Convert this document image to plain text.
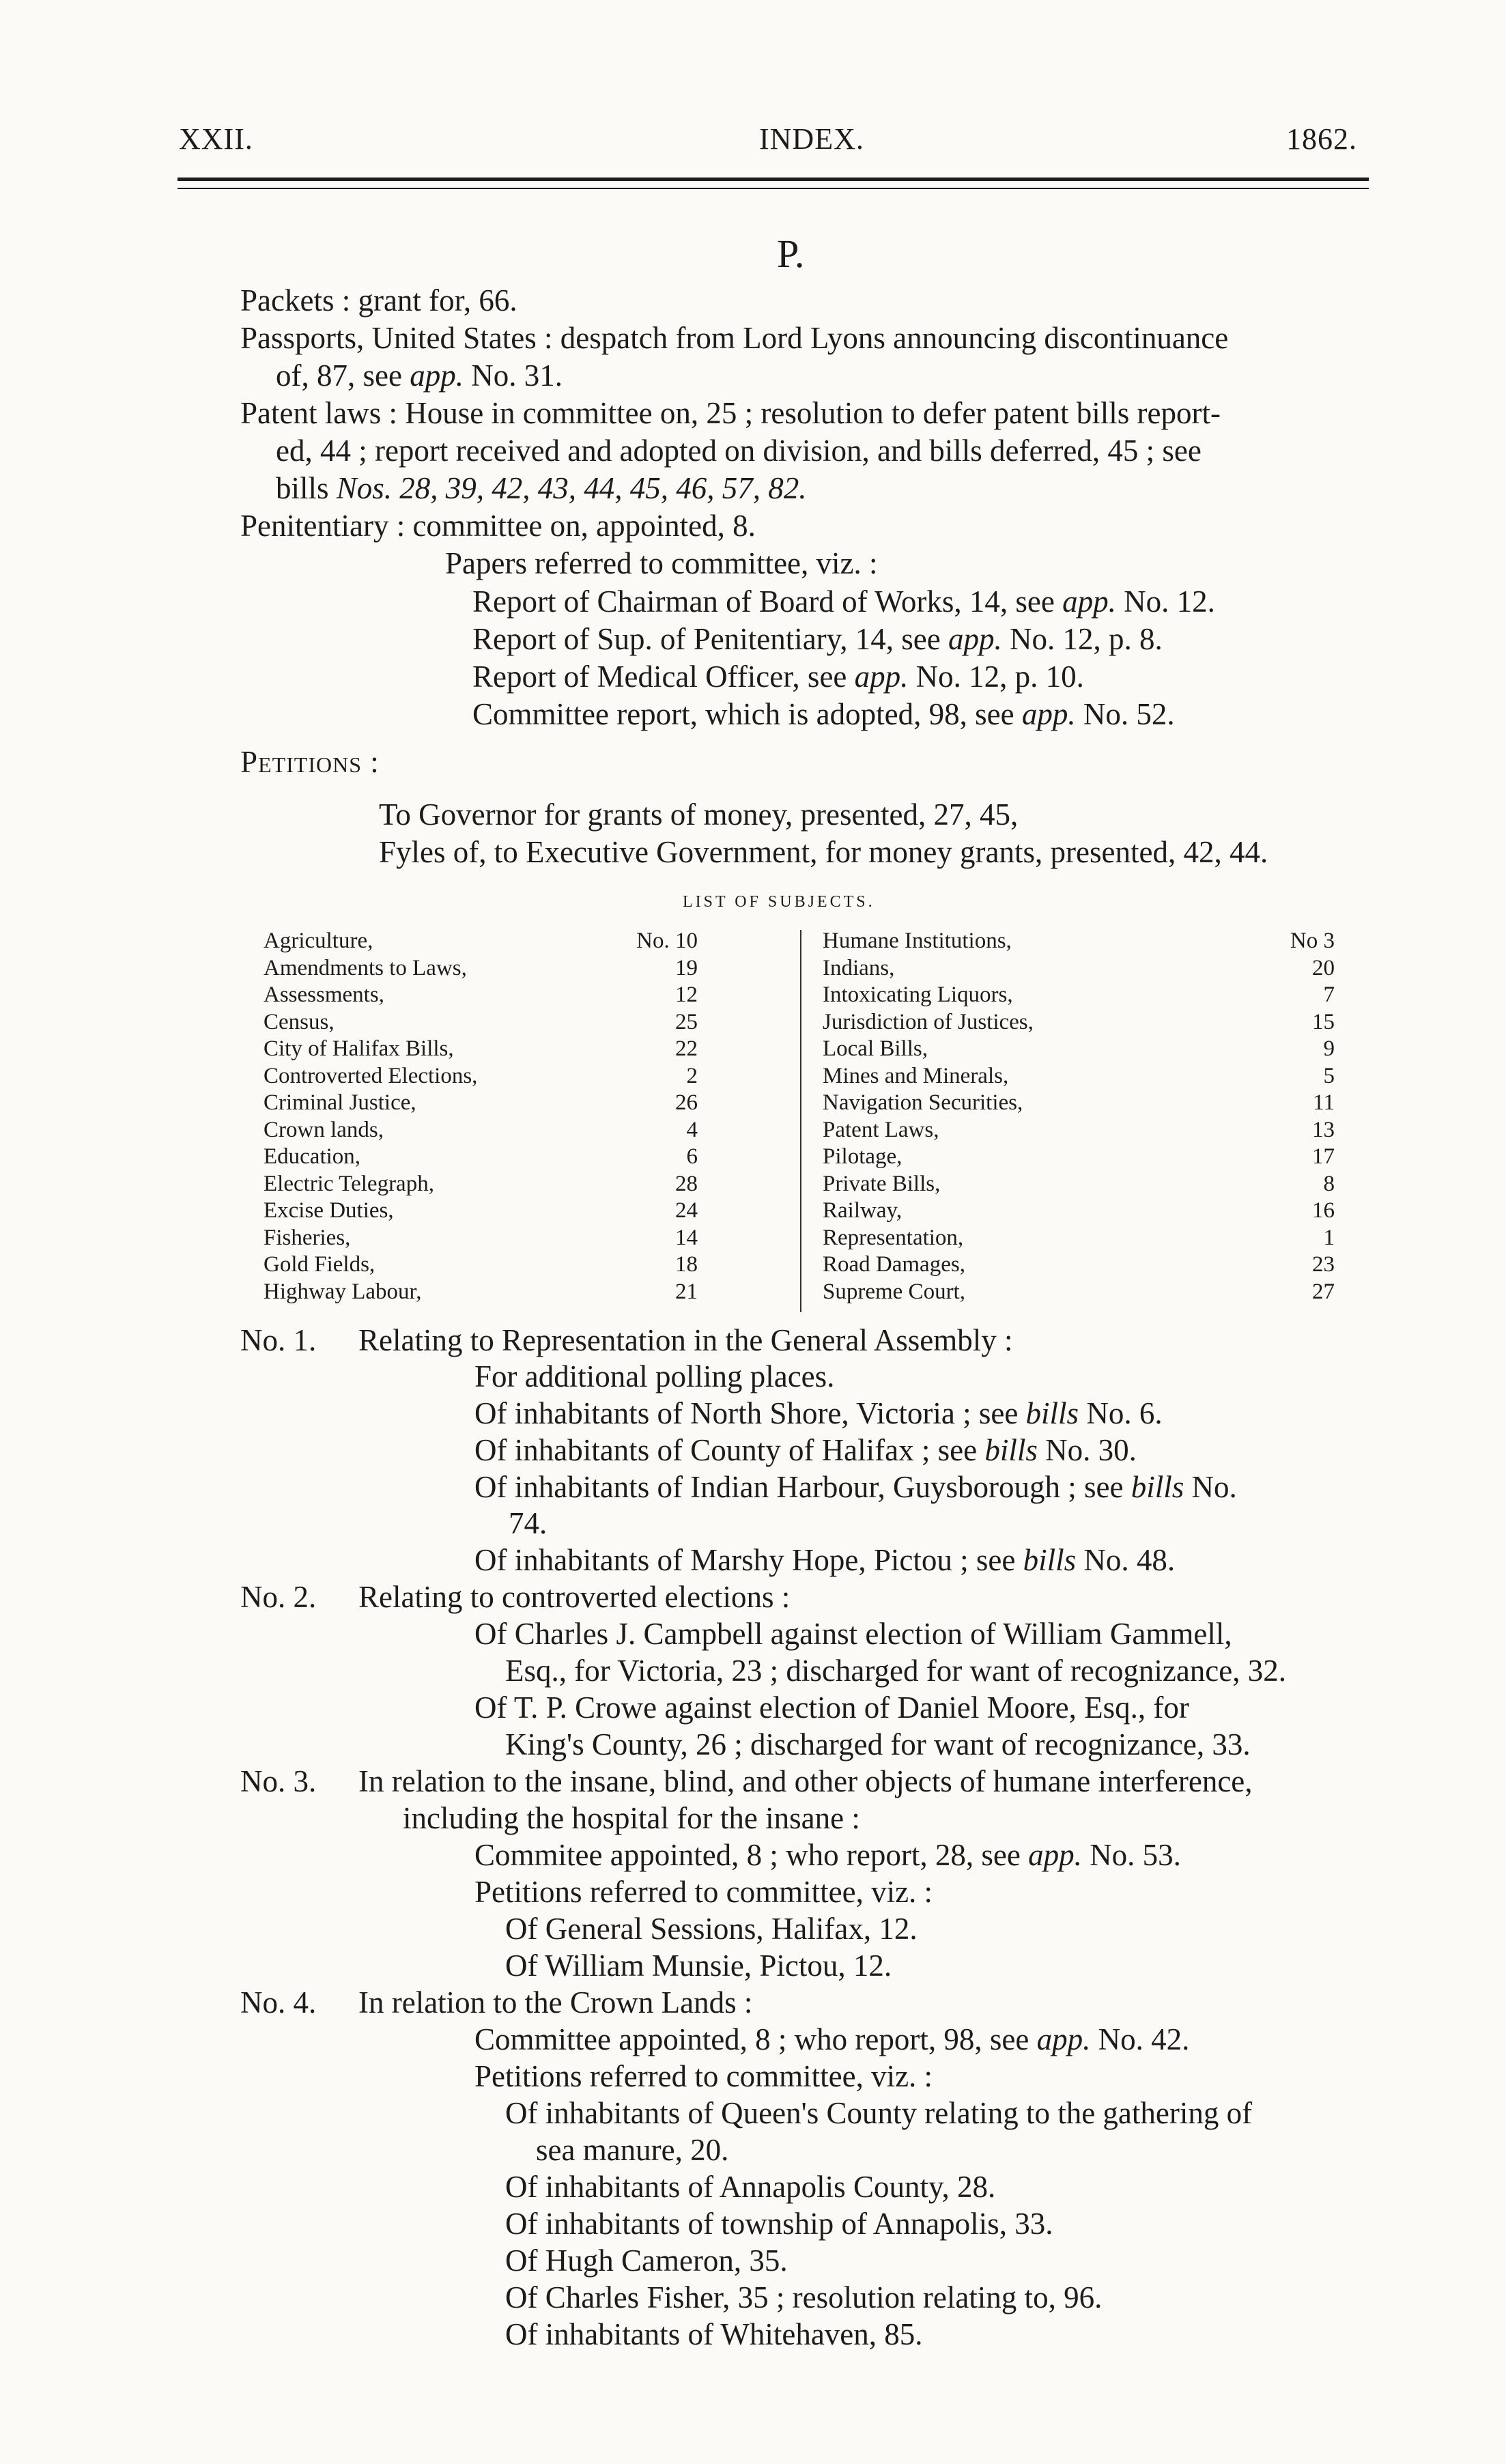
XXII.	INDEX.	1862.
P.
Packets : grant for, 66.
Passports, United States : despatch from Lord Lyons announcing discontinuance
of, 87, see app. No. 31.
Patent laws : House in committee on, 25 ; resolution to defer patent bills report-
ed, 44 ; report received and adopted on division, and bills deferred, 45 ; see
bills Nos. 28, 39, 42, 43, 44, 45, 46, 57, 82.
Penitentiary : committee on, appointed, 8.
Papers referred to committee, viz. :
Report of Chairman of Board of Works, 14, see app. No. 12.
Report of Sup. of Penitentiary, 14, see app. No. 12, p. 8.
Report of Medical Officer, see app. No. 12, p. 10.
Committee report, which is adopted, 98, see app. No. 52.
Petitions :
To Governor for grants of money, presented, 27, 45,
Fyles of, to Executive Government, for money grants, presented, 42, 44.
LIST OF SUBJECTS.
Agriculture,	No. 10
Amendments to Laws,	19
Assessments,	12
Census,	25
City of Halifax Bills,	22
Controverted Elections,	2
Criminal Justice,	26
Crown lands,	4
Education,	6
Electric Telegraph,	28
Excise Duties,	24
Fisheries,	14
Gold Fields,	18
Highway Labour,	21
Humane Institutions,	No 3
Indians,	20
Intoxicating Liquors,	7
Jurisdiction of Justices,	15
Local Bills,	9
Mines and Minerals,	5
Navigation Securities,	11
Patent Laws,	13
Pilotage,	17
Private Bills,	8
Railway,	16
Representation,	1
Road Damages,	23
Supreme Court,	27
No. 1. Relating to Representation in the General Assembly :
For additional polling places.
Of inhabitants of North Shore, Victoria ; see bills No. 6.
Of inhabitants of County of Halifax ; see bills No. 30.
Of inhabitants of Indian Harbour, Guysborough ; see bills No.
74.
Of inhabitants of Marshy Hope, Pictou ; see bills No. 48.
No. 2. Relating to controverted elections :
Of Charles J. Campbell against election of William Gammell,
Esq., for Victoria, 23 ; discharged for want of recognizance, 32.
Of T. P. Crowe against election of Daniel Moore, Esq., for
King's County, 26 ; discharged for want of recognizance, 33.
No. 3. In relation to the insane, blind, and other objects of humane interference,
including the hospital for the insane :
Commitee appointed, 8 ; who report, 28, see app. No. 53.
Petitions referred to committee, viz. :
Of General Sessions, Halifax, 12.
Of William Munsie, Pictou, 12.
No. 4. In relation to the Crown Lands :
Committee appointed, 8 ; who report, 98, see app. No. 42.
Petitions referred to committee, viz. :
Of inhabitants of Queen's County relating to the gathering of
sea manure, 20.
Of inhabitants of Annapolis County, 28.
Of inhabitants of township of Annapolis, 33.
Of Hugh Cameron, 35.
Of Charles Fisher, 35 ; resolution relating to, 96.
Of inhabitants of Whitehaven, 85.
